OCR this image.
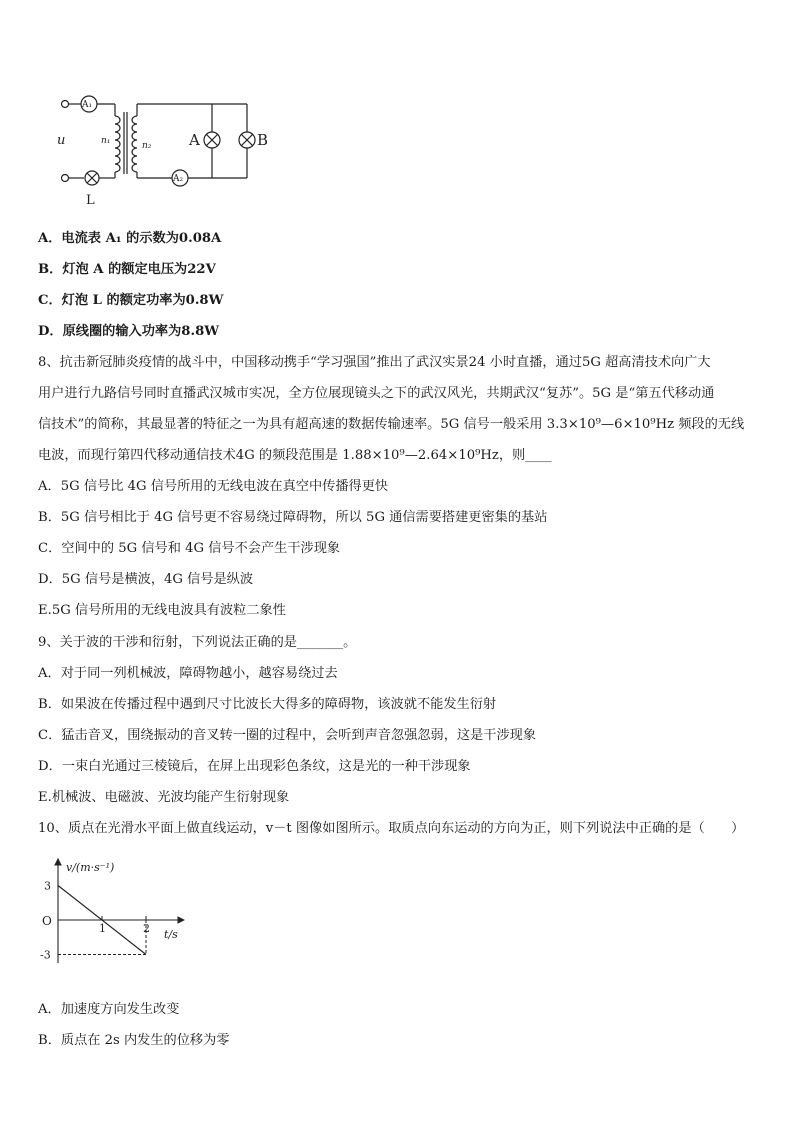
A₁
A₂
u	n₁	n₂	A	B
L
A．电流表 A₁ 的示数为0.08A
B．灯泡 A 的额定电压为22V
C．灯泡 L 的额定功率为0.8W
D．原线圈的输入功率为8.8W
8、抗击新冠肺炎疫情的战斗中，中国移动携手“学习强国”推出了武汉实景24 小时直播，通过5G 超高清技术向广大
用户进行九路信号同时直播武汉城市实况，全方位展现镜头之下的武汉风光，共期武汉“复苏”。5G 是“第五代移动通
信技术”的简称，其最显著的特征之一为具有超高速的数据传输速率。5G 信号一般采用 3.3×10⁹—6×10⁹Hz 频段的无线
电波，而现行第四代移动通信技术4G 的频段范围是 1.88×10⁹—2.64×10⁹Hz，则____
A．5G 信号比 4G 信号所用的无线电波在真空中传播得更快
B．5G 信号相比于 4G 信号更不容易绕过障碍物，所以 5G 通信需要搭建更密集的基站
C．空间中的 5G 信号和 4G 信号不会产生干涉现象
D．5G 信号是横波，4G 信号是纵波
E.5G 信号所用的无线电波具有波粒二象性
9、关于波的干涉和衍射，下列说法正确的是_______。
A．对于同一列机械波，障碍物越小，越容易绕过去
B．如果波在传播过程中遇到尺寸比波长大得多的障碍物，该波就不能发生衍射
C．猛击音叉，围绕振动的音叉转一圈的过程中，会听到声音忽强忽弱，这是干涉现象
D．一束白光通过三棱镜后，在屏上出现彩色条纹，这是光的一种干涉现象
E.机械波、电磁波、光波均能产生衍射现象
10、质点在光滑水平面上做直线运动，v－t 图像如图所示。取质点向东运动的方向为正，则下列说法中正确的是（　　）
1	2
3
-3
v/(m·s⁻¹)
t/s
O
A．加速度方向发生改变
B．质点在 2s 内发生的位移为零
